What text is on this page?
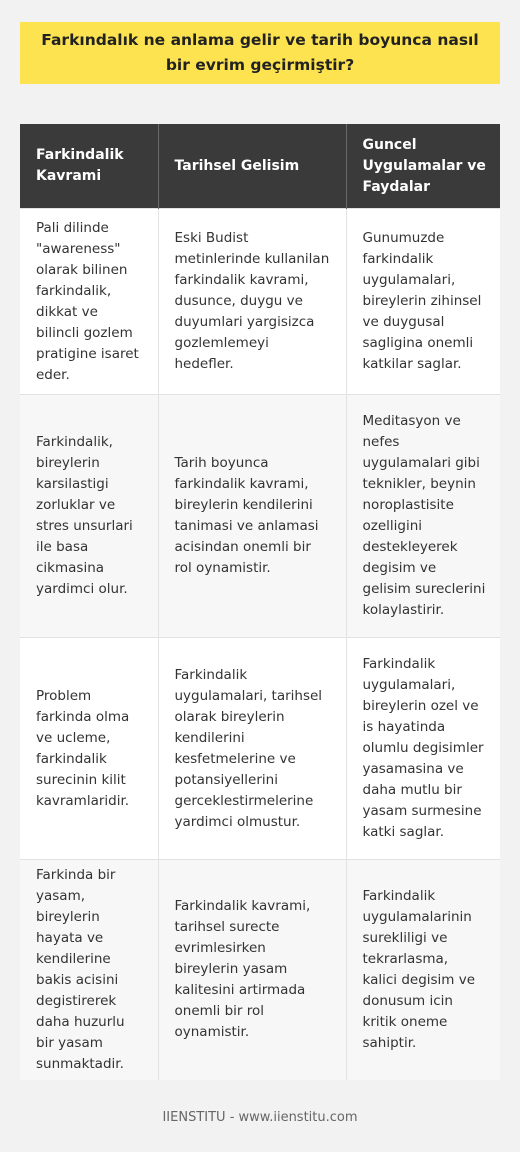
Farkındalık ne anlama gelir ve tarih boyunca nasıl bir evrim geçirmiştir?
Farkindalik Kavrami	Tarihsel Gelisim	Guncel Uygulamalar ve Faydalar
Pali dilinde "awareness" olarak bilinen farkindalik, dikkat ve bilincli gozlem pratigine isaret eder.	Eski Budist metinlerinde kullanilan farkindalik kavrami, dusunce, duygu ve duyumlari yargisizca gozlemlemeyi hedefler.	Gunumuzde farkindalik uygulamalari, bireylerin zihinsel ve duygusal sagligina onemli katkilar saglar.
Farkindalik, bireylerin karsilastigi zorluklar ve stres unsurlari ile basa cikmasina yardimci olur.	Tarih boyunca farkindalik kavrami, bireylerin kendilerini tanimasi ve anlamasi acisindan onemli bir rol oynamistir.	Meditasyon ve nefes uygulamalari gibi teknikler, beynin noroplastisite ozelligini destekleyerek degisim ve gelisim sureclerini kolaylastirir.
Problem farkinda olma ve ucleme, farkindalik surecinin kilit kavramlaridir.	Farkindalik uygulamalari, tarihsel olarak bireylerin kendilerini kesfetmelerine ve potansiyellerini gerceklestirmelerine yardimci olmustur.	Farkindalik uygulamalari, bireylerin ozel ve is hayatinda olumlu degisimler yasamasina ve daha mutlu bir yasam surmesine katki saglar.
Farkinda bir yasam, bireylerin hayata ve kendilerine bakis acisini degistirerek daha huzurlu bir yasam sunmaktadir.	Farkindalik kavrami, tarihsel surecte evrimlesirken bireylerin yasam kalitesini artirmada onemli bir rol oynamistir.	Farkindalik uygulamalarinin surekliligi ve tekrarlasma, kalici degisim ve donusum icin kritik oneme sahiptir.
IIENSTITU - www.iienstitu.com
